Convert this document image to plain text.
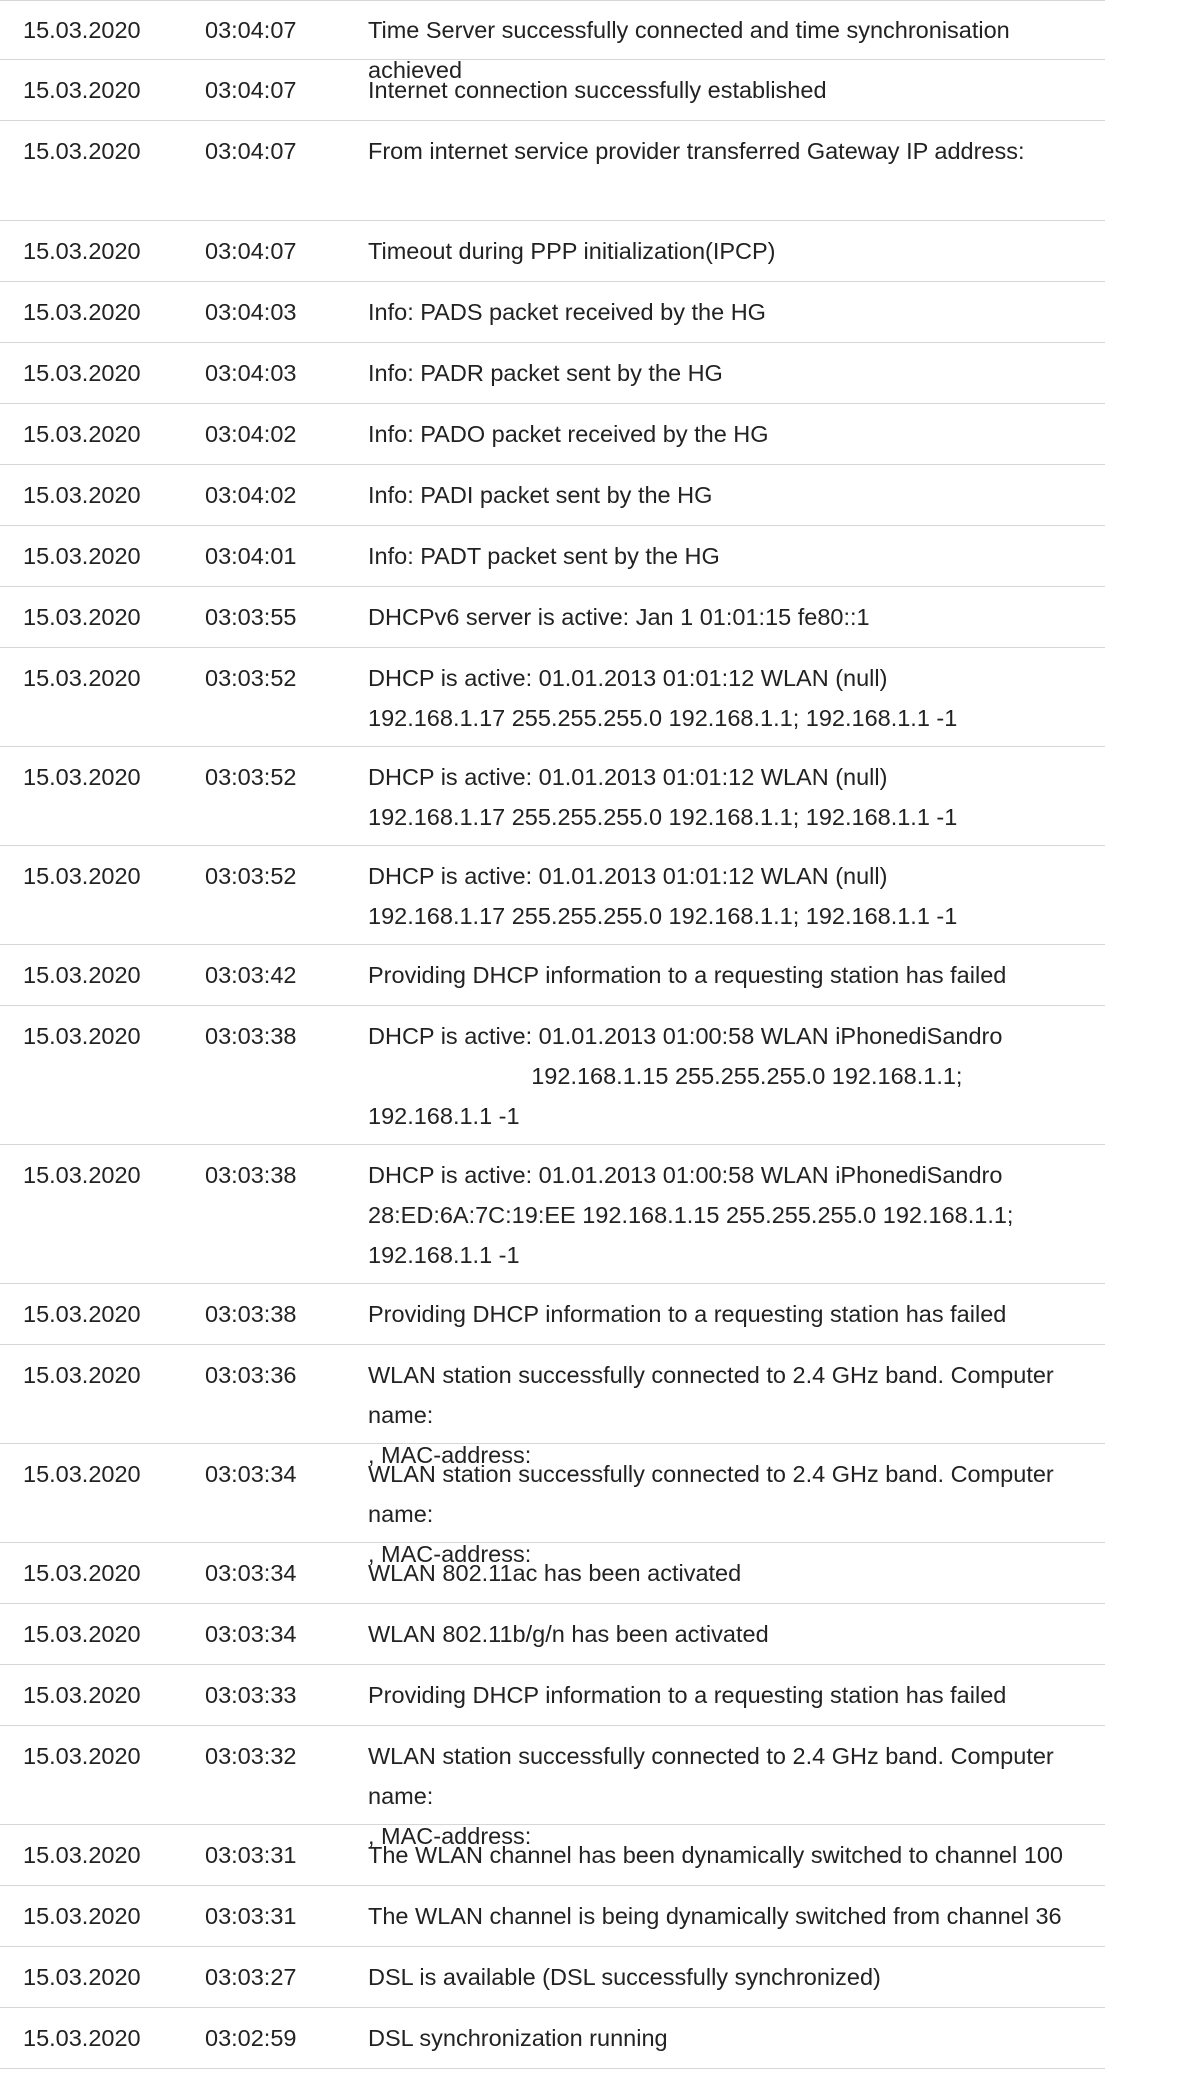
15.03.2020	03:04:07	Time Server successfully connected and time synchronisation achieved
15.03.2020	03:04:07	Internet connection successfully established
15.03.2020	03:04:07	From internet service provider transferred Gateway IP address:

15.03.2020	03:04:07	Timeout during PPP initialization(IPCP)
15.03.2020	03:04:03	Info: PADS packet received by the HG
15.03.2020	03:04:03	Info: PADR packet sent by the HG
15.03.2020	03:04:02	Info: PADO packet received by the HG
15.03.2020	03:04:02	Info: PADI packet sent by the HG
15.03.2020	03:04:01	Info: PADT packet sent by the HG
15.03.2020	03:03:55	DHCPv6 server is active: Jan 1 01:01:15 fe80::1
15.03.2020	03:03:52	DHCP is active: 01.01.2013 01:01:12 WLAN (null)
192.168.1.17 255.255.255.0 192.168.1.1; 192.168.1.1 -1
15.03.2020	03:03:52	DHCP is active: 01.01.2013 01:01:12 WLAN (null)
192.168.1.17 255.255.255.0 192.168.1.1; 192.168.1.1 -1
15.03.2020	03:03:52	DHCP is active: 01.01.2013 01:01:12 WLAN (null)
192.168.1.17 255.255.255.0 192.168.1.1; 192.168.1.1 -1
15.03.2020	03:03:42	Providing DHCP information to a requesting station has failed
15.03.2020	03:03:38	DHCP is active: 01.01.2013 01:00:58 WLAN iPhonediSandro
192.168.1.15 255.255.255.0 192.168.1.1;
192.168.1.1 -1
15.03.2020	03:03:38	DHCP is active: 01.01.2013 01:00:58 WLAN iPhonediSandro
28:ED:6A:7C:19:EE 192.168.1.15 255.255.255.0 192.168.1.1;
192.168.1.1 -1
15.03.2020	03:03:38	Providing DHCP information to a requesting station has failed
15.03.2020	03:03:36	WLAN station successfully connected to 2.4 GHz band. Computer name:
, MAC-address:
15.03.2020	03:03:34	WLAN station successfully connected to 2.4 GHz band. Computer name:
, MAC-address:
15.03.2020	03:03:34	WLAN 802.11ac has been activated
15.03.2020	03:03:34	WLAN 802.11b/g/n has been activated
15.03.2020	03:03:33	Providing DHCP information to a requesting station has failed
15.03.2020	03:03:32	WLAN station successfully connected to 2.4 GHz band. Computer name:
, MAC-address:
15.03.2020	03:03:31	The WLAN channel has been dynamically switched to channel 100
15.03.2020	03:03:31	The WLAN channel is being dynamically switched from channel 36
15.03.2020	03:03:27	DSL is available (DSL successfully synchronized)
15.03.2020	03:02:59	DSL synchronization running
